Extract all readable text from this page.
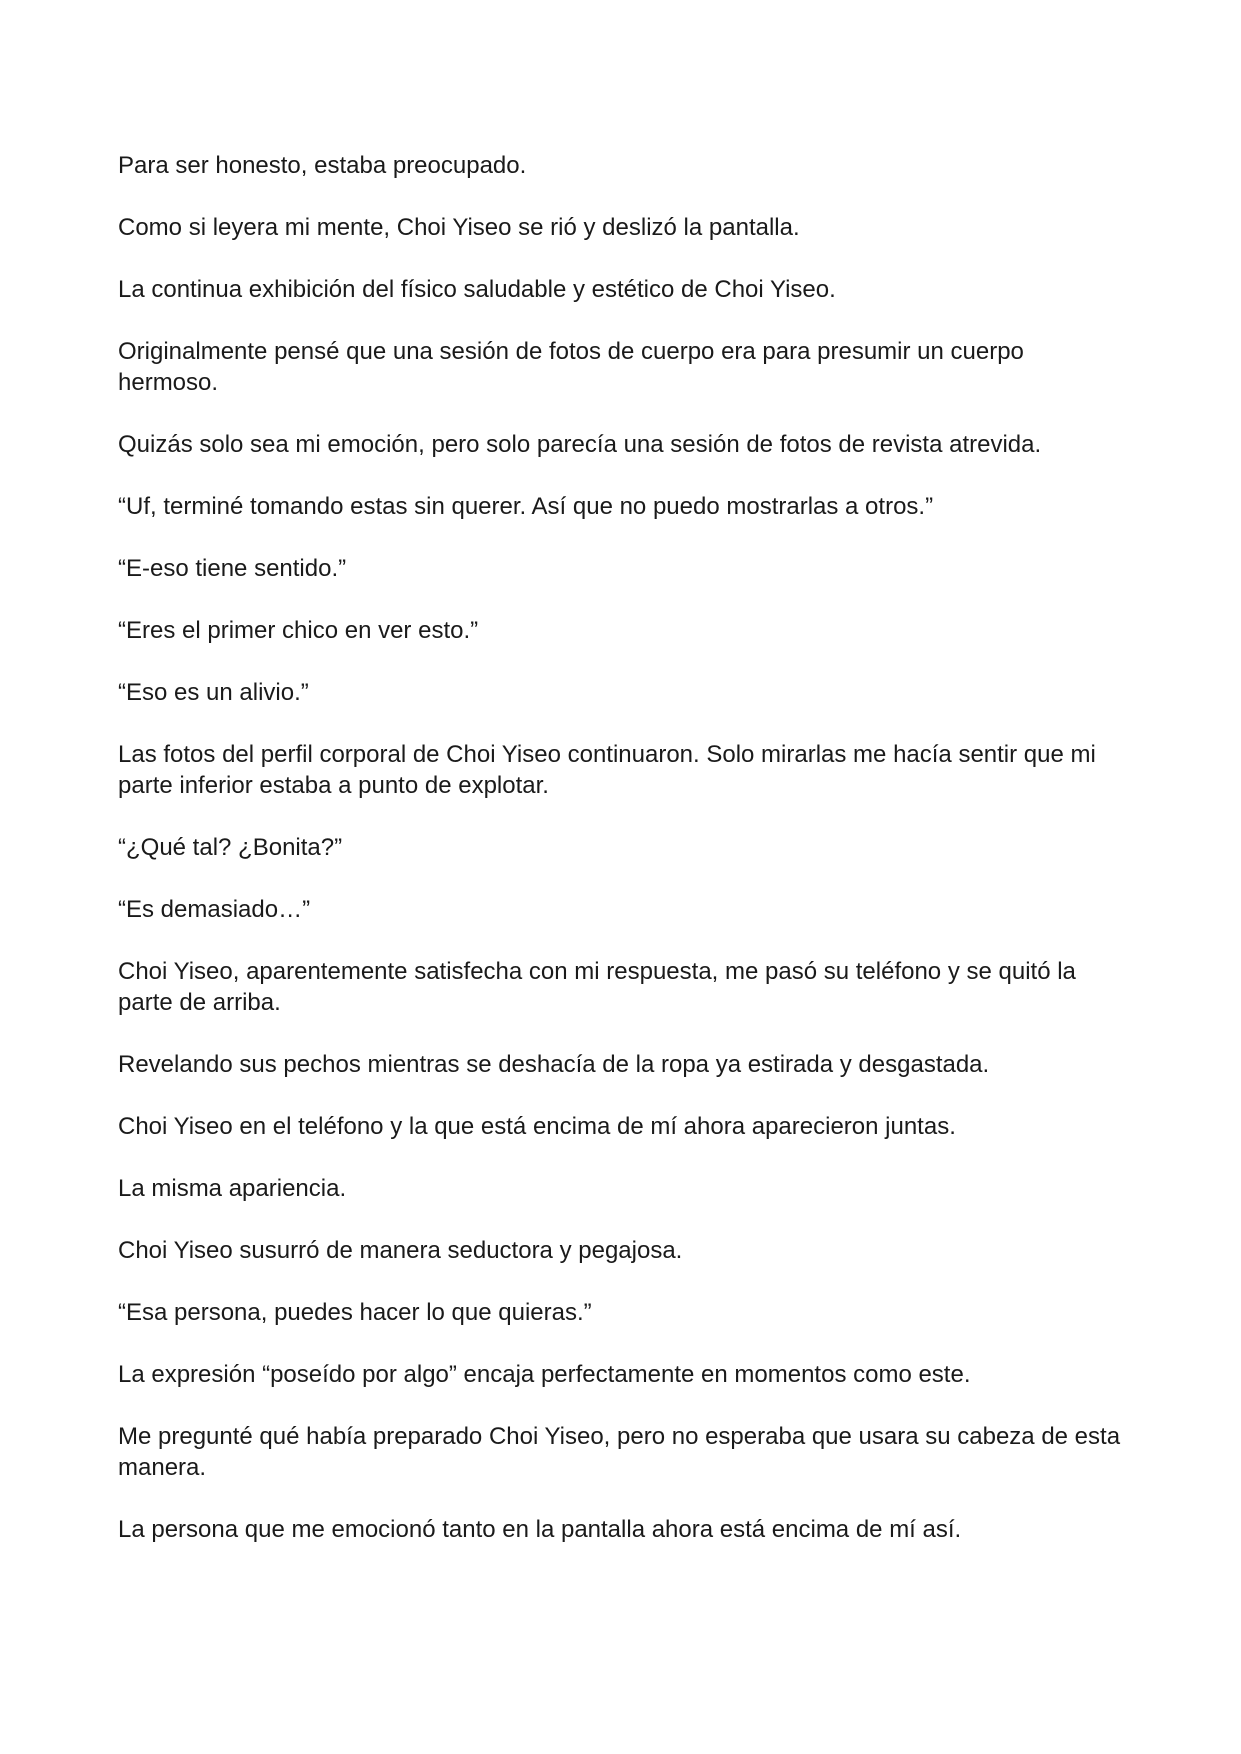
Para ser honesto, estaba preocupado.

Como si leyera mi mente, Choi Yiseo se rió y deslizó la pantalla.

La continua exhibición del físico saludable y estético de Choi Yiseo.

Originalmente pensé que una sesión de fotos de cuerpo era para presumir un cuerpo hermoso.

Quizás solo sea mi emoción, pero solo parecía una sesión de fotos de revista atrevida.

“Uf, terminé tomando estas sin querer. Así que no puedo mostrarlas a otros.”

“E-eso tiene sentido.”

“Eres el primer chico en ver esto.”

“Eso es un alivio.”

Las fotos del perfil corporal de Choi Yiseo continuaron. Solo mirarlas me hacía sentir que mi parte inferior estaba a punto de explotar.

“¿Qué tal? ¿Bonita?”

“Es demasiado…”

Choi Yiseo, aparentemente satisfecha con mi respuesta, me pasó su teléfono y se quitó la parte de arriba.

Revelando sus pechos mientras se deshacía de la ropa ya estirada y desgastada.

Choi Yiseo en el teléfono y la que está encima de mí ahora aparecieron juntas.

La misma apariencia.

Choi Yiseo susurró de manera seductora y pegajosa.

“Esa persona, puedes hacer lo que quieras.”

La expresión “poseído por algo” encaja perfectamente en momentos como este.

Me pregunté qué había preparado Choi Yiseo, pero no esperaba que usara su cabeza de esta manera.

La persona que me emocionó tanto en la pantalla ahora está encima de mí así.
